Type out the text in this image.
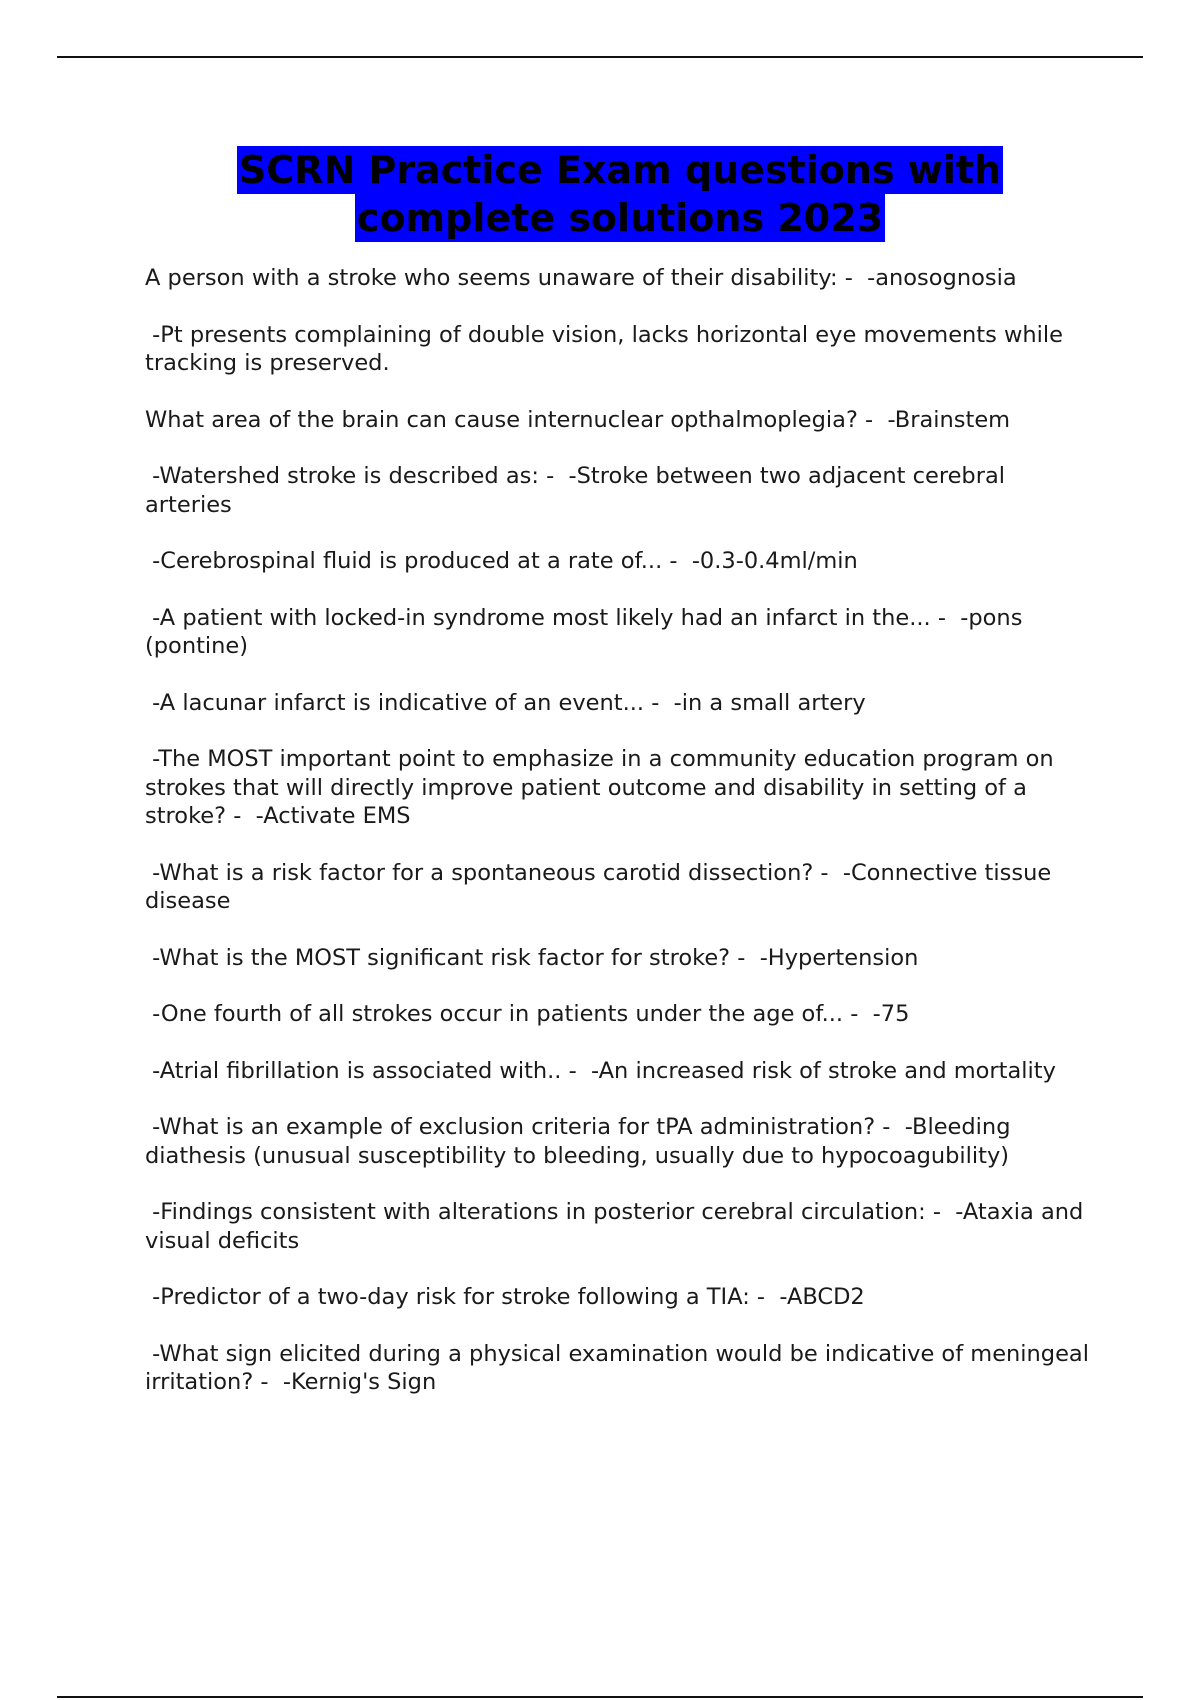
SCRN Practice Exam questions with
complete solutions 2023

A person with a stroke who seems unaware of their disability: -  -anosognosia

-Pt presents complaining of double vision, lacks horizontal eye movements while tracking is preserved.

What area of the brain can cause internuclear opthalmoplegia? -  -Brainstem

-Watershed stroke is described as: -  -Stroke between two adjacent cerebral arteries

-Cerebrospinal fluid is produced at a rate of... -  -0.3-0.4ml/min

-A patient with locked-in syndrome most likely had an infarct in the... -  -pons (pontine)

-A lacunar infarct is indicative of an event... -  -in a small artery

-The MOST important point to emphasize in a community education program on strokes that will directly improve patient outcome and disability in setting of a stroke? -  -Activate EMS

-What is a risk factor for a spontaneous carotid dissection? -  -Connective tissue disease

-What is the MOST significant risk factor for stroke? -  -Hypertension

-One fourth of all strokes occur in patients under the age of... -  -75

-Atrial fibrillation is associated with.. -  -An increased risk of stroke and mortality

-What is an example of exclusion criteria for tPA administration? -  -Bleeding diathesis (unusual susceptibility to bleeding, usually due to hypocoagubility)

-Findings consistent with alterations in posterior cerebral circulation: -  -Ataxia and visual deficits

-Predictor of a two-day risk for stroke following a TIA: -  -ABCD2

-What sign elicited during a physical examination would be indicative of meningeal irritation? -  -Kernig's Sign
